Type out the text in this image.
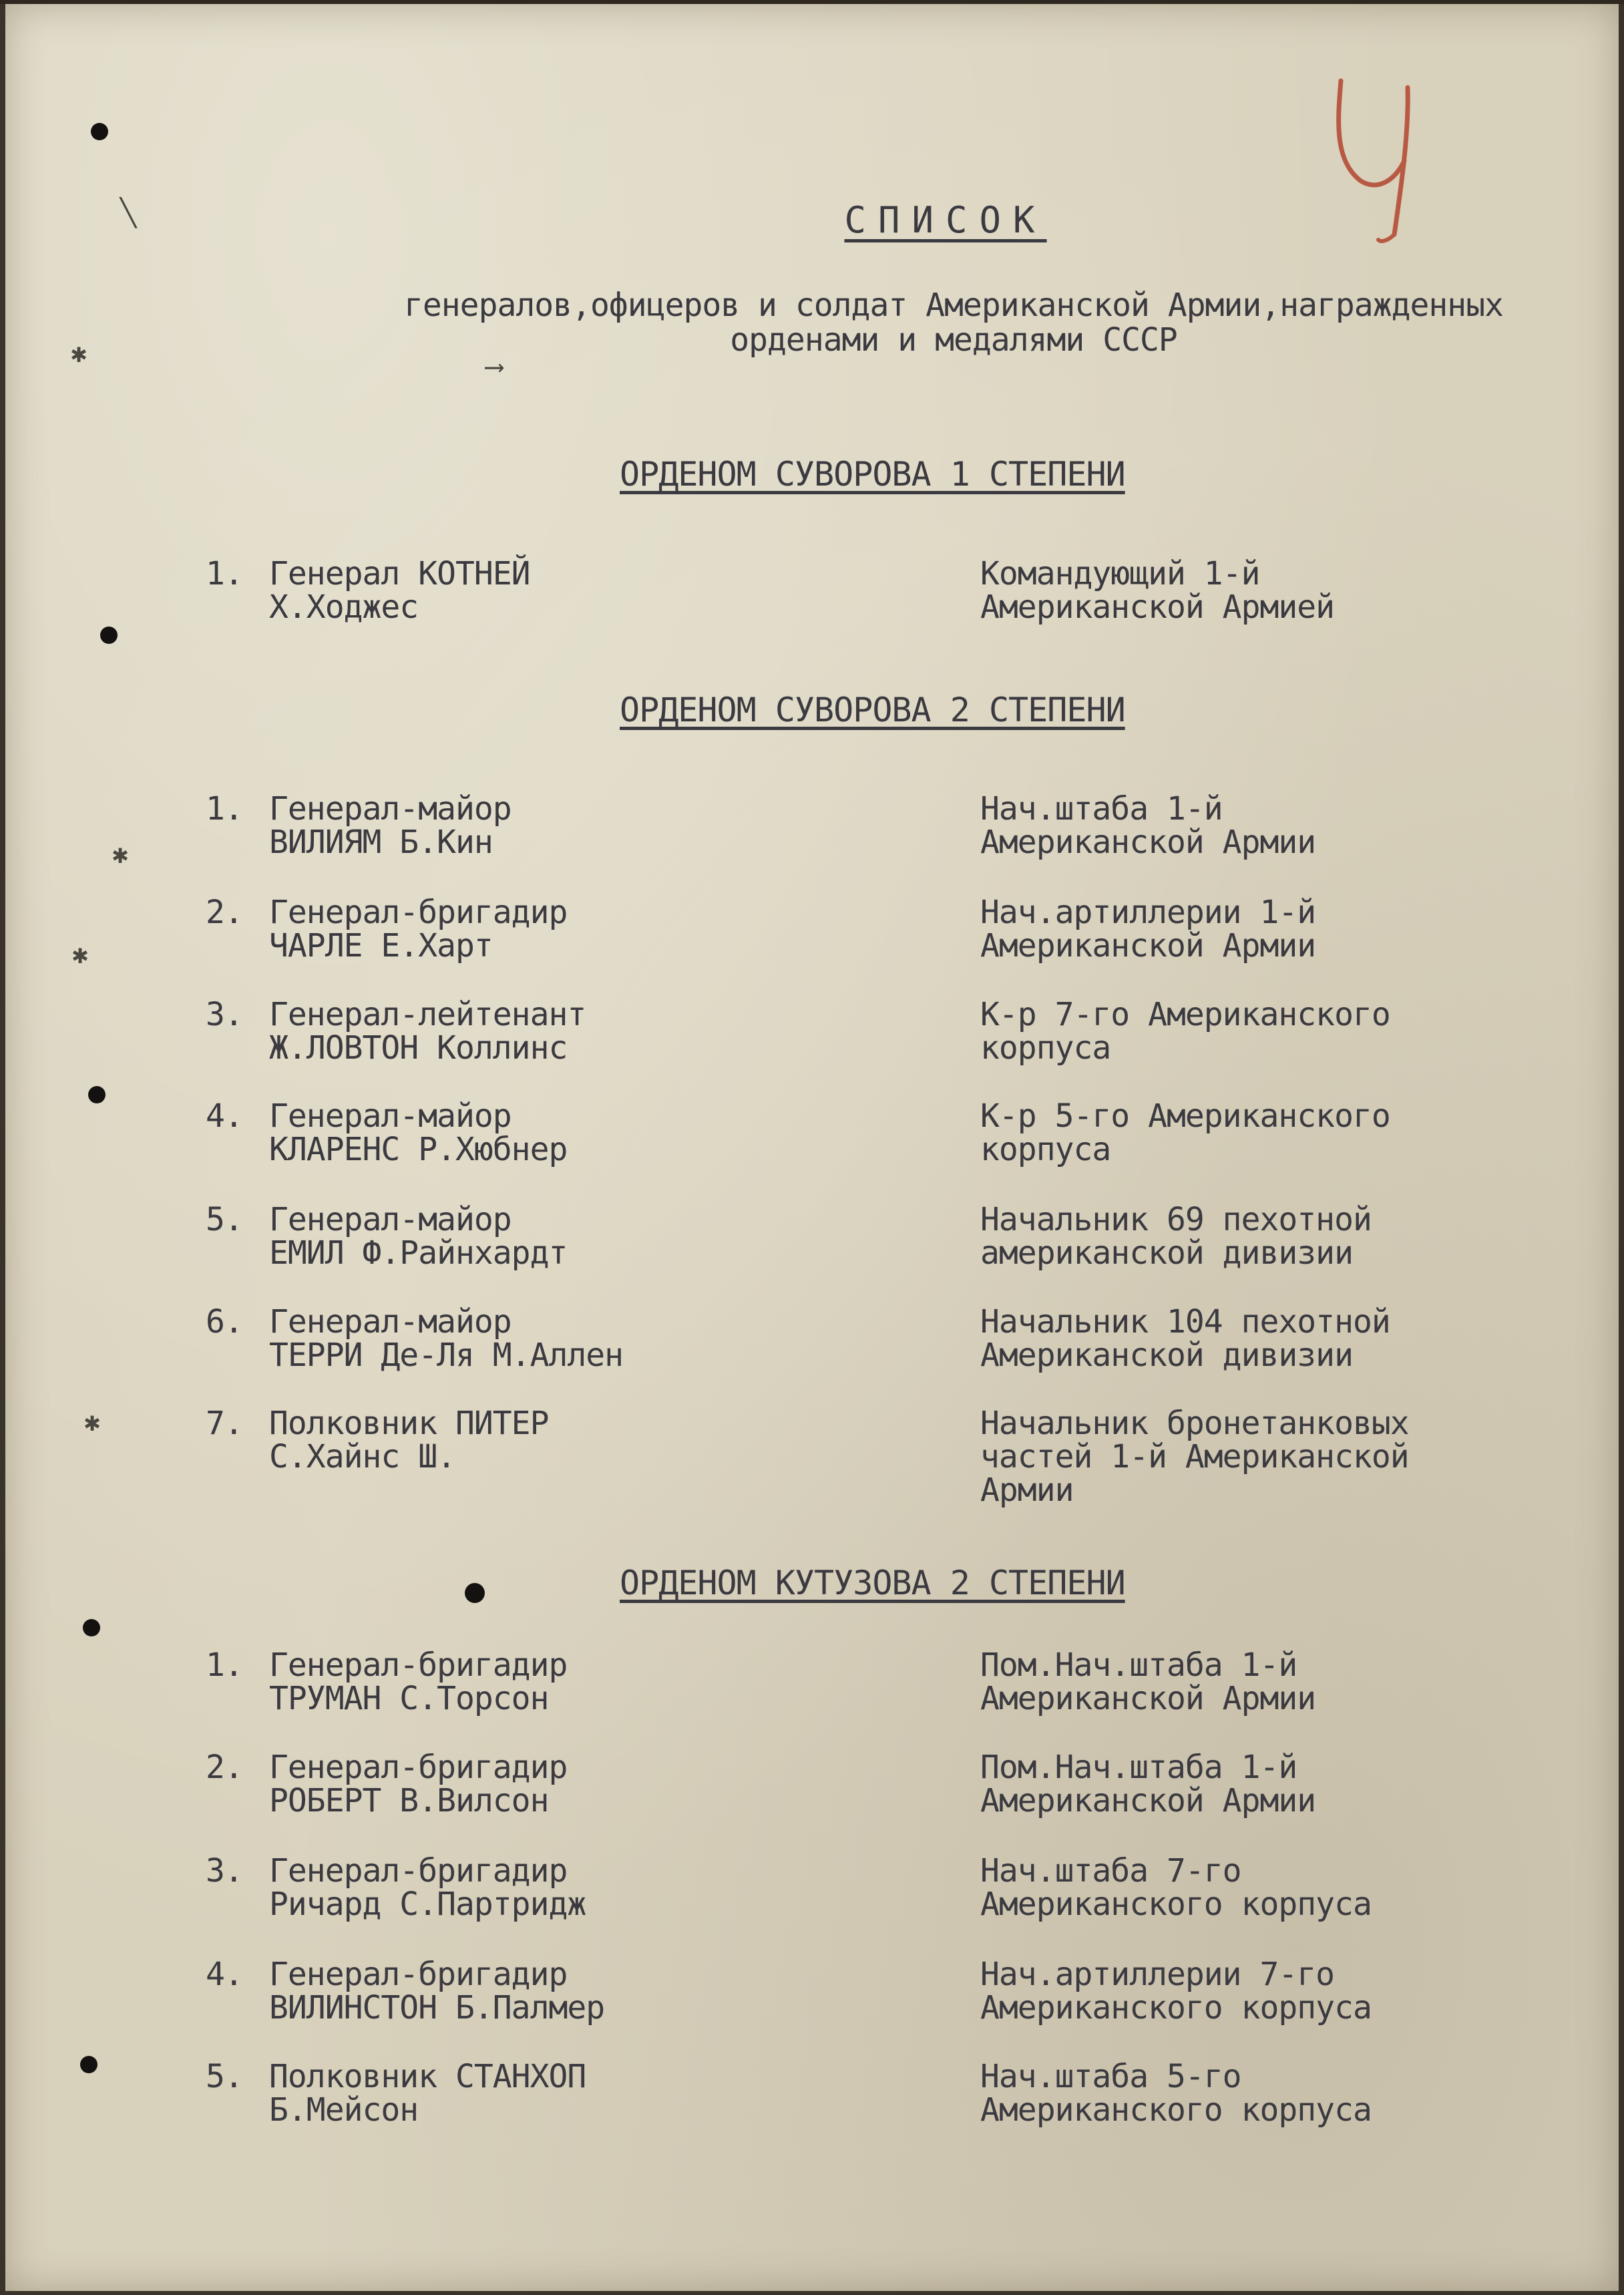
╲
✱	⟶
✱
✱
✱
СПИСОК
генералов,офицеров и солдат Американской Армии,награжденных орденами и медалями СССР
ОРДЕНОМ СУВОРОВА 1 СТЕПЕНИ
1. Генерал КОТНЕЙ
Х.Ходжес
Командующий 1-й
Американской Армией
ОРДЕНОМ СУВОРОВА 2 СТЕПЕНИ
1. Генерал-майор
ВИЛИЯМ Б.Кин
Нач.штаба 1-й
Американской Армии
2. Генерал-бригадир
ЧАРЛЕ Е.Харт
Нач.артиллерии 1-й
Американской Армии
3. Генерал-лейтенант
Ж.ЛОВТОН Коллинс
К-р 7-го Американского
корпуса
4. Генерал-майор
КЛАРЕНС Р.Хюбнер
К-р 5-го Американского
корпуса
5. Генерал-майор
ЕМИЛ Ф.Райнхардт
Начальник 69 пехотной
американской дивизии
6. Генерал-майор
ТЕРРИ Де-Ля М.Аллен
Начальник 104 пехотной
Американской дивизии
7. Полковник ПИТЕР
С.Хайнс Ш.
Начальник бронетанковых
частей 1-й Американской
Армии
ОРДЕНОМ КУТУЗОВА 2 СТЕПЕНИ
1. Генерал-бригадир
ТРУМАН С.Торсон
Пом.Нач.штаба 1-й
Американской Армии
2. Генерал-бригадир
РОБЕРТ В.Вилсон
Пом.Нач.штаба 1-й
Американской Армии
3. Генерал-бригадир
Ричард С.Партридж
Нач.штаба 7-го
Американского корпуса
4. Генерал-бригадир
ВИЛИНСТОН Б.Палмер
Нач.артиллерии 7-го
Американского корпуса
5. Полковник СТАНХОП
Б.Мейсон
Нач.штаба 5-го
Американского корпуса
